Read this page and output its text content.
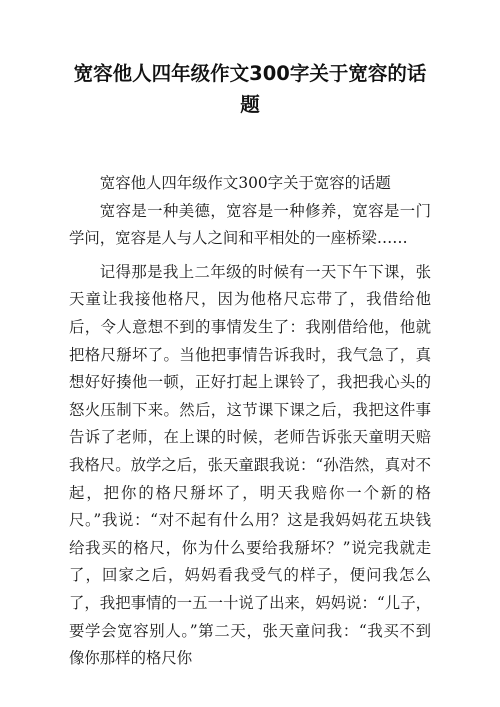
宽容他人四年级作文300字关于宽容的话题

宽容他人四年级作文300字关于宽容的话题

宽容是一种美德，宽容是一种修养，宽容是一门学问，宽容是人与人之间和平相处的一座桥梁……

记得那是我上二年级的时候有一天下午下课，张天童让我接他格尺，因为他格尺忘带了，我借给他后，令人意想不到的事情发生了：我刚借给他，他就把格尺掰坏了。当他把事情告诉我时，我气急了，真想好好揍他一顿，正好打起上课铃了，我把我心头的怒火压制下来。然后，这节课下课之后，我把这件事告诉了老师，在上课的时候，老师告诉张天童明天赔我格尺。放学之后，张天童跟我说：“孙浩然，真对不起，把你的格尺掰坏了，明天我赔你一个新的格尺。”我说：“对不起有什么用？这是我妈妈花五块钱给我买的格尺，你为什么要给我掰坏？”说完我就走了，回家之后，妈妈看我受气的样子，便问我怎么了，我把事情的一五一十说了出来，妈妈说：“儿子，要学会宽容别人。”第二天，张天童问我：“我买不到像你那样的格尺你
